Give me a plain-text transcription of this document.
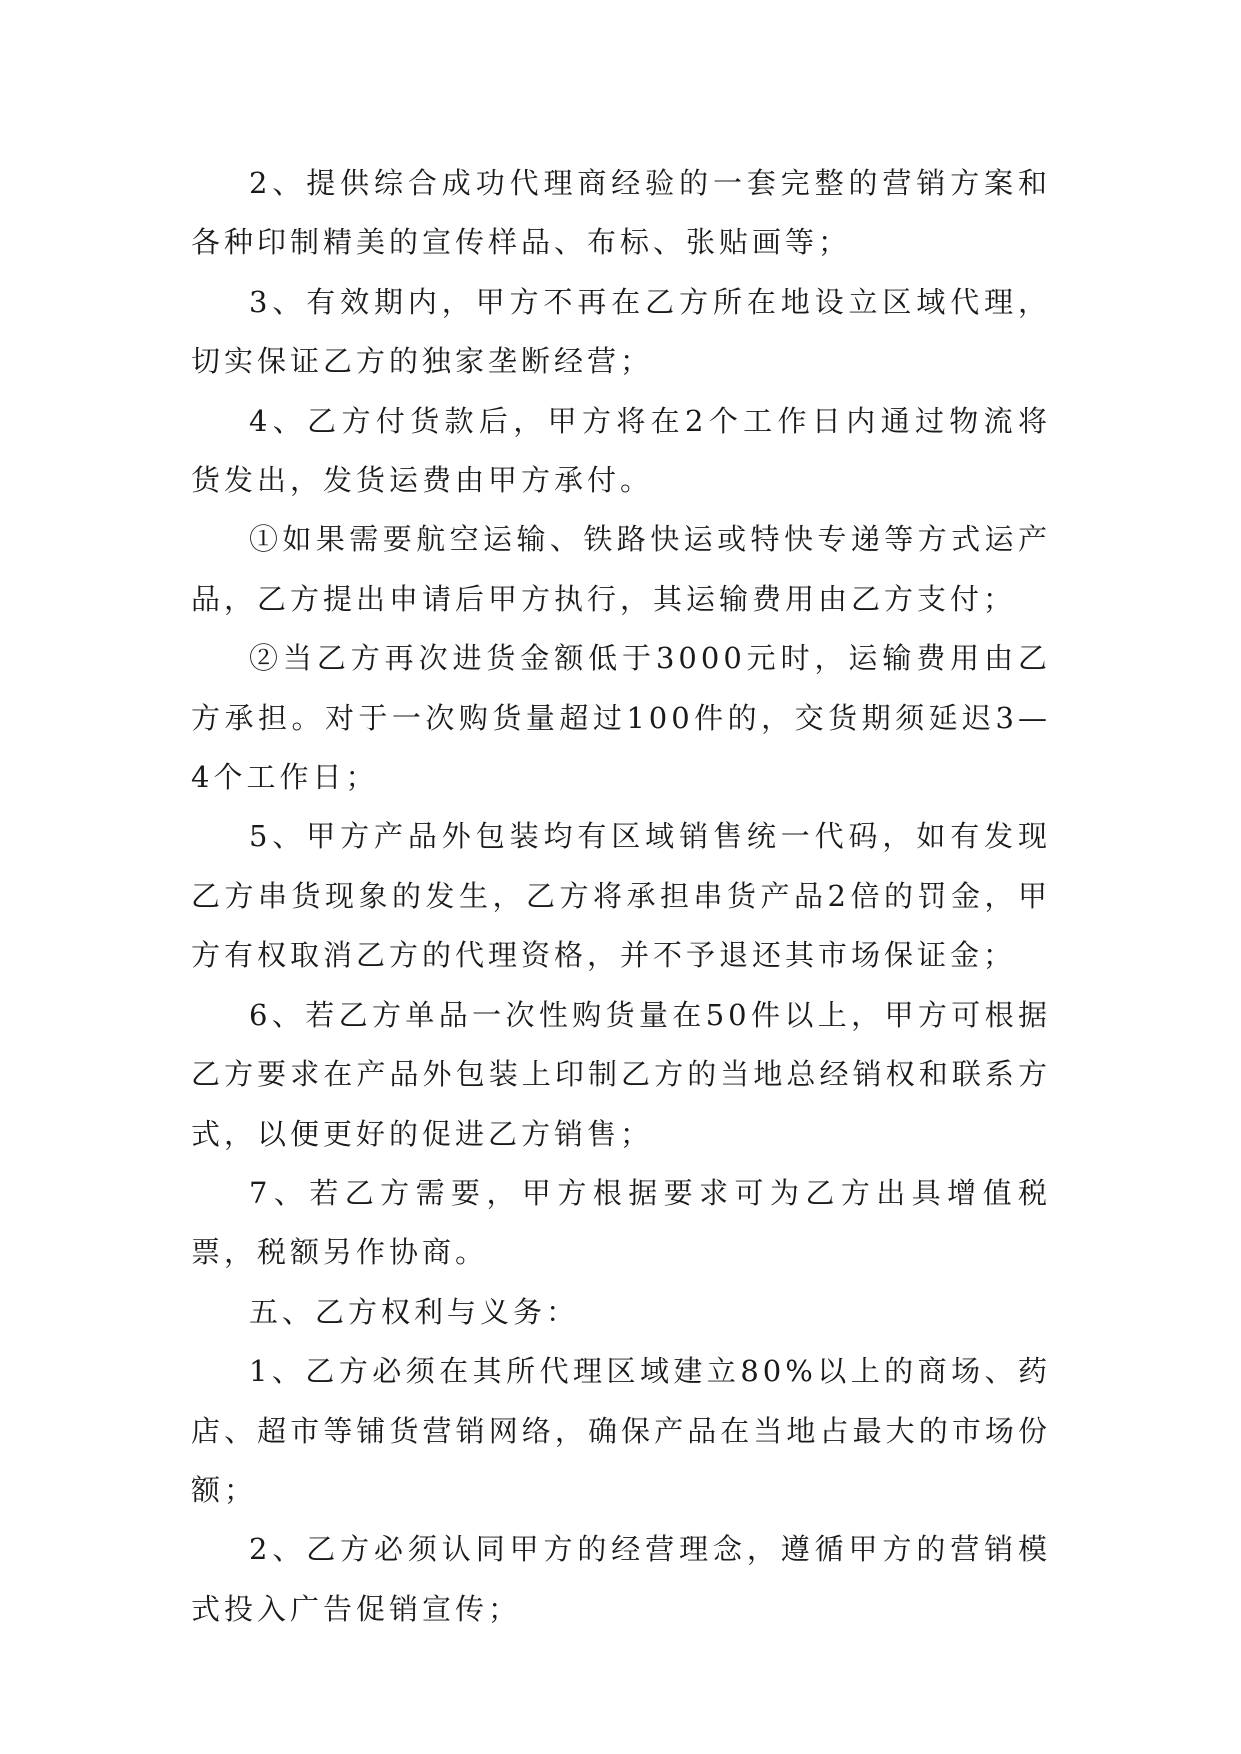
2、提供综合成功代理商经验的一套完整的营销方案和各种印制精美的宣传样品、布标、张贴画等；

3、有效期内，甲方不再在乙方所在地设立区域代理，切实保证乙方的独家垄断经营；

4、乙方付货款后，甲方将在2个工作日内通过物流将货发出，发货运费由甲方承付。

①如果需要航空运输、铁路快运或特快专递等方式运产品，乙方提出申请后甲方执行，其运输费用由乙方支付；

②当乙方再次进货金额低于3000元时，运输费用由乙方承担。对于一次购货量超过100件的，交货期须延迟3—4个工作日；

5、甲方产品外包装均有区域销售统一代码，如有发现乙方串货现象的发生，乙方将承担串货产品2倍的罚金，甲方有权取消乙方的代理资格，并不予退还其市场保证金；

6、若乙方单品一次性购货量在50件以上，甲方可根据乙方要求在产品外包装上印制乙方的当地总经销权和联系方式，以便更好的促进乙方销售；

7、若乙方需要，甲方根据要求可为乙方出具增值税票，税额另作协商。

五、乙方权利与义务：

1、乙方必须在其所代理区域建立80%以上的商场、药店、超市等铺货营销网络，确保产品在当地占最大的市场份额；

2、乙方必须认同甲方的经营理念，遵循甲方的营销模式投入广告促销宣传；
